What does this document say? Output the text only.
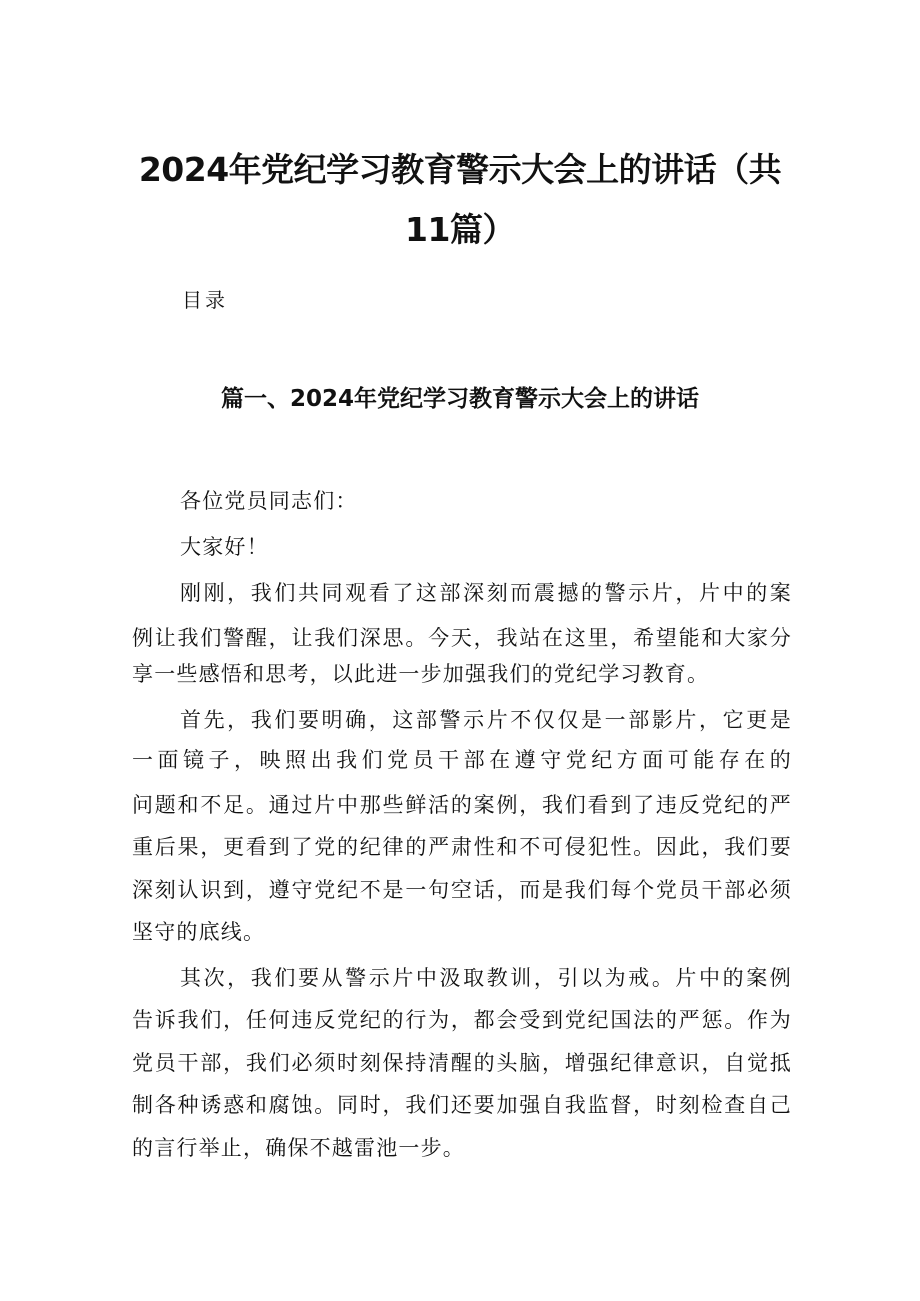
2024年党纪学习教育警示大会上的讲话（共
11篇）
目录
篇一、2024年党纪学习教育警示大会上的讲话
各位党员同志们：
大家好！
刚刚，我们共同观看了这部深刻而震撼的警示片，片中的案
例让我们警醒，让我们深思。今天，我站在这里，希望能和大家分
享一些感悟和思考，以此进一步加强我们的党纪学习教育。
首先，我们要明确，这部警示片不仅仅是一部影片，它更是
一面镜子，映照出我们党员干部在遵守党纪方面可能存在的
问题和不足。通过片中那些鲜活的案例，我们看到了违反党纪的严
重后果，更看到了党的纪律的严肃性和不可侵犯性。因此，我们要
深刻认识到，遵守党纪不是一句空话，而是我们每个党员干部必须
坚守的底线。
其次，我们要从警示片中汲取教训，引以为戒。片中的案例
告诉我们，任何违反党纪的行为，都会受到党纪国法的严惩。作为
党员干部，我们必须时刻保持清醒的头脑，增强纪律意识，自觉抵
制各种诱惑和腐蚀。同时，我们还要加强自我监督，时刻检查自己
的言行举止，确保不越雷池一步。
